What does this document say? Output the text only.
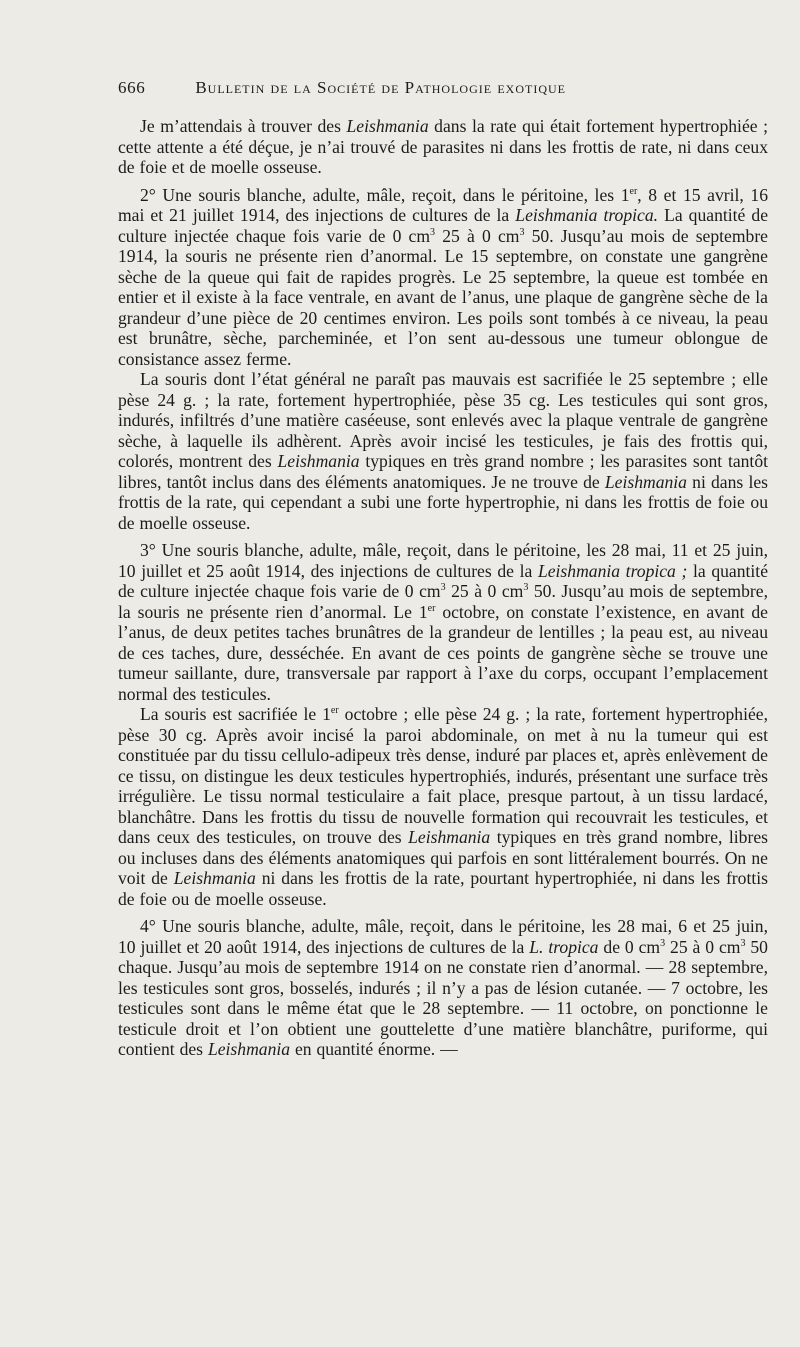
666	Bulletin de la Société de Pathologie exotique

Je m’attendais à trouver des Leishmania dans la rate qui était fortement hypertrophiée ; cette attente a été déçue, je n’ai trouvé de parasites ni dans les frottis de rate, ni dans ceux de foie et de moelle osseuse.

2° Une souris blanche, adulte, mâle, reçoit, dans le péritoine, les 1er, 8 et 15 avril, 16 mai et 21 juillet 1914, des injections de cultures de la Leishmania tropica. La quantité de culture injectée chaque fois varie de 0 $cm^3$ 25 à 0 $cm^3$ 50. Jusqu’au mois de septembre 1914, la souris ne présente rien d’anormal. Le 15 septembre, on constate une gangrène sèche de la queue qui fait de rapides progrès. Le 25 septembre, la queue est tombée en entier et il existe à la face ventrale, en avant de l’anus, une plaque de gangrène sèche de la grandeur d’une pièce de 20 centimes environ. Les poils sont tombés à ce niveau, la peau est brunâtre, sèche, parcheminée, et l’on sent au-dessous une tumeur oblongue de consistance assez ferme.

La souris dont l’état général ne paraît pas mauvais est sacrifiée le 25 septembre ; elle pèse 24 g. ; la rate, fortement hypertrophiée, pèse 35 cg. Les testicules qui sont gros, indurés, infiltrés d’une matière caséeuse, sont enlevés avec la plaque ventrale de gangrène sèche, à laquelle ils adhèrent. Après avoir incisé les testicules, je fais des frottis qui, colorés, montrent des Leishmania typiques en très grand nombre ; les parasites sont tantôt libres, tantôt inclus dans des éléments anatomiques. Je ne trouve de Leishmania ni dans les frottis de la rate, qui cependant a subi une forte hypertrophie, ni dans les frottis de foie ou de moelle osseuse.

3° Une souris blanche, adulte, mâle, reçoit, dans le péritoine, les 28 mai, 11 et 25 juin, 10 juillet et 25 août 1914, des injections de cultures de la Leishmania tropica ; la quantité de culture injectée chaque fois varie de 0 $cm^3$ 25 à 0 $cm^3$ 50. Jusqu’au mois de septembre, la souris ne présente rien d’anormal. Le 1er octobre, on constate l’existence, en avant de l’anus, de deux petites taches brunâtres de la grandeur de lentilles ; la peau est, au niveau de ces taches, dure, desséchée. En avant de ces points de gangrène sèche se trouve une tumeur saillante, dure, transversale par rapport à l’axe du corps, occupant l’emplacement normal des testicules.

La souris est sacrifiée le 1er octobre ; elle pèse 24 g. ; la rate, fortement hypertrophiée, pèse 30 cg. Après avoir incisé la paroi abdominale, on met à nu la tumeur qui est constituée par du tissu cellulo-adipeux très dense, induré par places et, après enlèvement de ce tissu, on distingue les deux testicules hypertrophiés, indurés, présentant une surface très irrégulière. Le tissu normal testiculaire a fait place, presque partout, à un tissu lardacé, blanchâtre. Dans les frottis du tissu de nouvelle formation qui recouvrait les testicules, et dans ceux des testicules, on trouve des Leishmania typiques en très grand nombre, libres ou incluses dans des éléments anatomiques qui parfois en sont littéralement bourrés. On ne voit de Leishmania ni dans les frottis de la rate, pourtant hypertrophiée, ni dans les frottis de foie ou de moelle osseuse.

4° Une souris blanche, adulte, mâle, reçoit, dans le péritoine, les 28 mai, 6 et 25 juin, 10 juillet et 20 août 1914, des injections de cultures de la L. tropica de 0 $cm^3$ 25 à 0 $cm^3$ 50 chaque. Jusqu’au mois de septembre 1914 on ne constate rien d’anormal. — 28 septembre, les testicules sont gros, bosselés, indurés ; il n’y a pas de lésion cutanée. — 7 octobre, les testicules sont dans le même état que le 28 septembre. — 11 octobre, on ponctionne le testicule droit et l’on obtient une gouttelette d’une matière blanchâtre, puriforme, qui contient des Leishmania en quantité énorme. —
